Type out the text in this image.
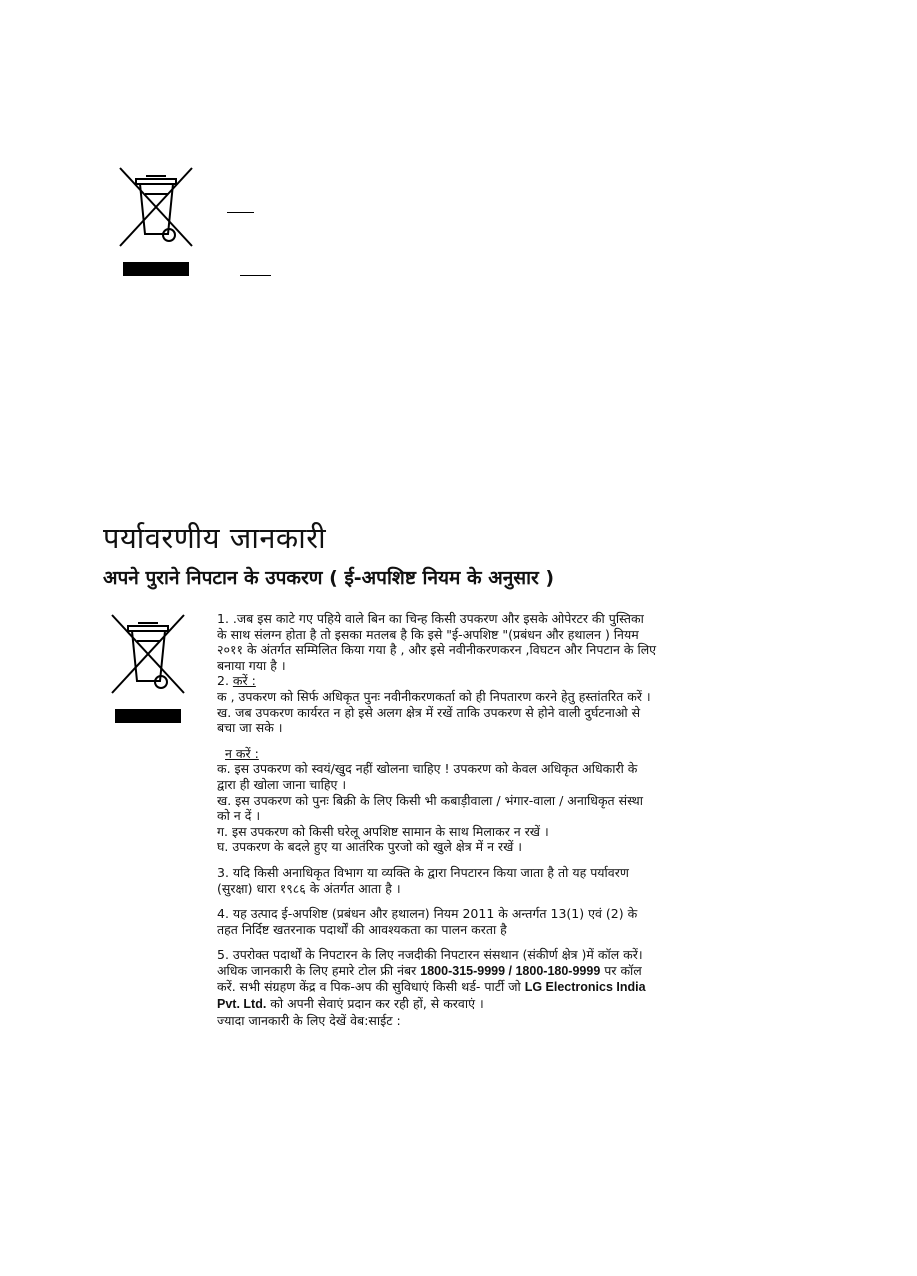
पर्यावरणीय जानकारी
अपने पुराने निपटान के उपकरण ( ई-अपशिष्ट नियम के अनुसार )

1. .जब इस काटे गए पहिये वाले बिन का चिन्ह किसी उपकरण और इसके ओपेरटर की पुस्तिका के साथ संलग्न होता है तो इसका मतलब है कि इसे "ई-अपशिष्ट "(प्रबंधन और हथालन ) नियम २०११ के अंतर्गत सम्मिलित किया गया है , और इसे नवीनीकरणकरन ,विघटन और निपटान के लिए बनाया गया है ।

2. करें :

क , उपकरण को सिर्फ अधिकृत पुनः नवीनीकरणकर्ता को ही निपतारण करने हेतु हस्तांतरित करें ।

ख. जब उपकरण कार्यरत न हो इसे अलग क्षेत्र में रखें ताकि उपकरण से होने वाली दुर्घटनाओ से बचा जा सके ।

न करें :

क. इस उपकरण को स्वयं/खुद नहीं खोलना चाहिए ! उपकरण को केवल अधिकृत अधिकारी के द्वारा ही खोला जाना चाहिए ।

ख. इस उपकरण को पुनः बिक्री के लिए किसी भी कबाड़ीवाला / भंगार-वाला / अनाधिकृत संस्था को न दें ।

ग. इस उपकरण को किसी घरेलू अपशिष्ट सामान के साथ मिलाकर न रखें ।

घ. उपकरण के बदले हुए या आतंरिक पुरजो को खुले क्षेत्र में न रखें ।

3. यदि किसी अनाधिकृत विभाग या व्यक्ति के द्वारा निपटारन किया जाता है तो यह पर्यावरण (सुरक्षा) धारा १९८६ के अंतर्गत आता है ।

4. यह उत्पाद ई-अपशिष्ट (प्रबंधन और हथालन) नियम 2011 के अन्तर्गत 13(1) एवं (2) के तहत निर्दिष्ट खतरनाक पदार्थों की आवश्यकता का पालन करता है

5. उपरोक्त पदार्थों के निपटारन के लिए नजदीकी निपटारन संसथान (संकीर्ण क्षेत्र )में कॉल करें। अधिक जानकारी के लिए हमारे टोल फ्री नंबर 1800-315-9999 / 1800-180-9999 पर कॉल करें. सभी संग्रहण केंद्र व पिक-अप की सुविधाएं किसी थर्ड- पार्टी जो LG Electronics India Pvt. Ltd. को अपनी सेवाएं प्रदान कर रही हों, से करवाएं ।

ज्यादा जानकारी के लिए देखें वेब:साईट :
